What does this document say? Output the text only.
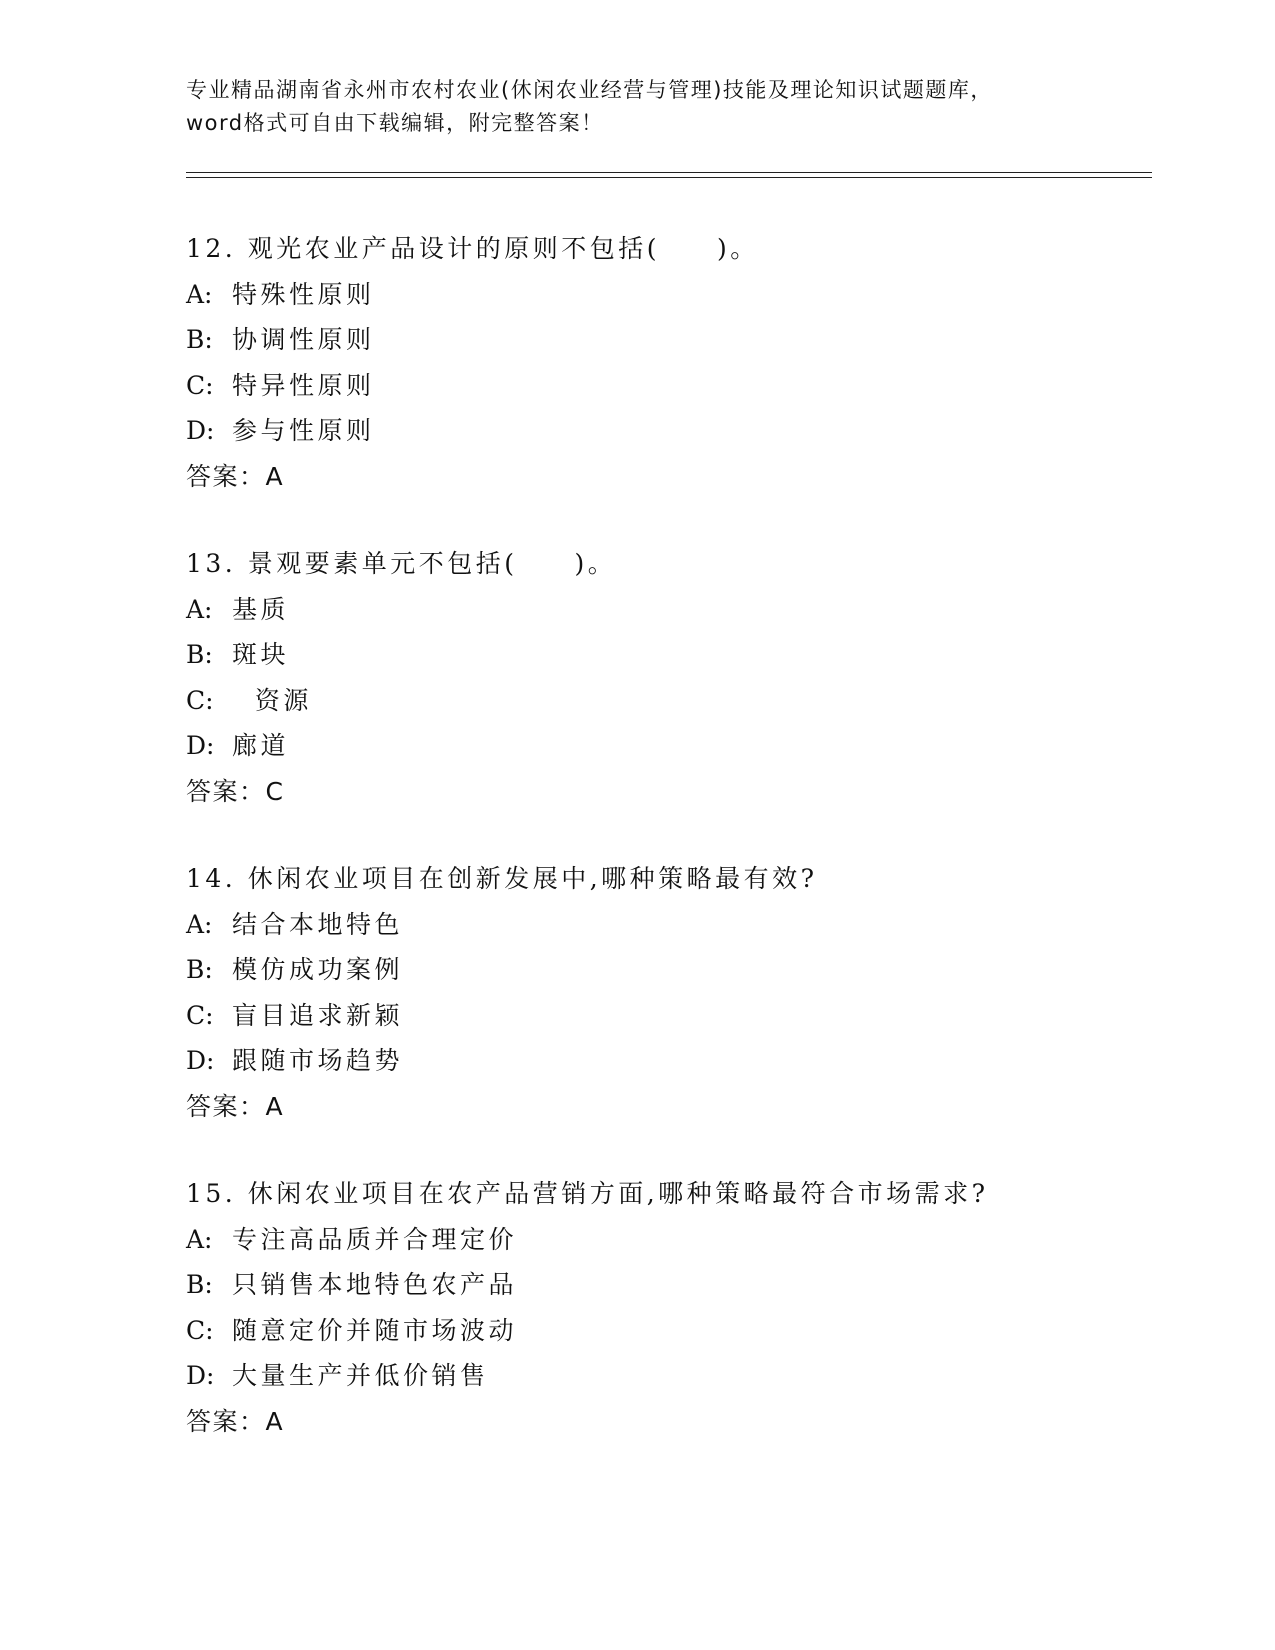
专业精品湖南省永州市农村农业(休闲农业经营与管理)技能及理论知识试题题库，
word格式可自由下载编辑，附完整答案！
12. 观光农业产品设计的原则不包括(　　)。
A: 特殊性原则
B: 协调性原则
C: 特异性原则
D: 参与性原则
答案：A
13. 景观要素单元不包括(　　)。
A: 基质
B: 斑块
C:  资源
D: 廊道
答案：C
14. 休闲农业项目在创新发展中,哪种策略最有效?
A: 结合本地特色
B: 模仿成功案例
C: 盲目追求新颖
D: 跟随市场趋势
答案：A
15. 休闲农业项目在农产品营销方面,哪种策略最符合市场需求?
A: 专注高品质并合理定价
B: 只销售本地特色农产品
C: 随意定价并随市场波动
D: 大量生产并低价销售
答案：A
